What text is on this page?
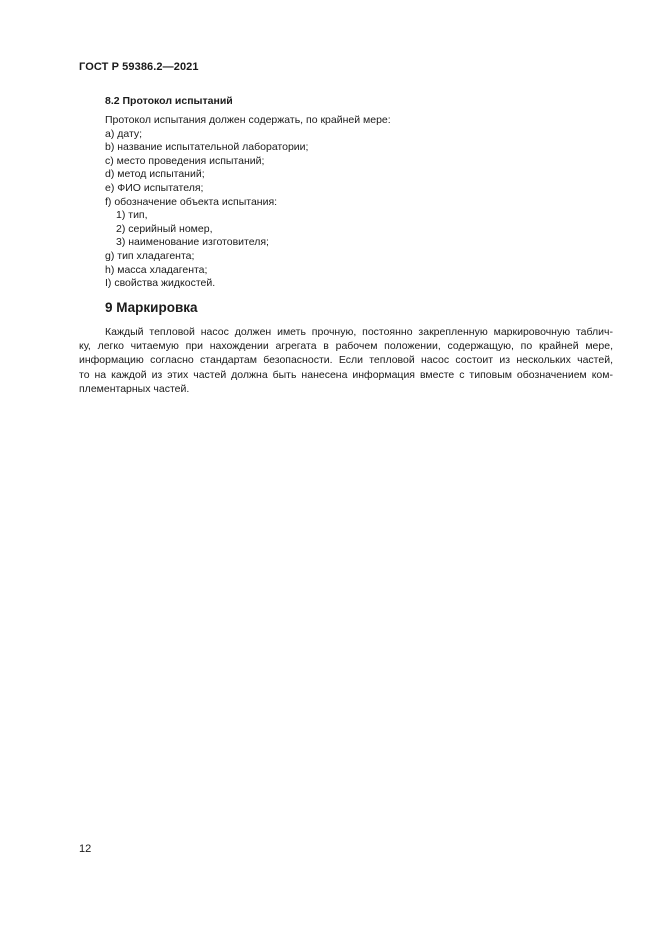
ГОСТ Р 59386.2—2021
8.2 Протокол испытаний
Протокол испытания должен содержать, по крайней мере:
а) дату;
b) название испытательной лаборатории;
c) место проведения испытаний;
d) метод испытаний;
e) ФИО испытателя;
f) обозначение объекта испытания:
1) тип,
2) серийный номер,
3) наименование изготовителя;
g) тип хладагента;
h) масса хладагента;
I) свойства жидкостей.
9 Маркировка
Каждый тепловой насос должен иметь прочную, постоянно закрепленную маркировочную таблич-
ку, легко читаемую при нахождении агрегата в рабочем положении, содержащую, по крайней мере,
информацию согласно стандартам безопасности. Если тепловой насос состоит из нескольких частей,
то на каждой из этих частей должна быть нанесена информация вместе с типовым обозначением ком-
плементарных частей.
12
